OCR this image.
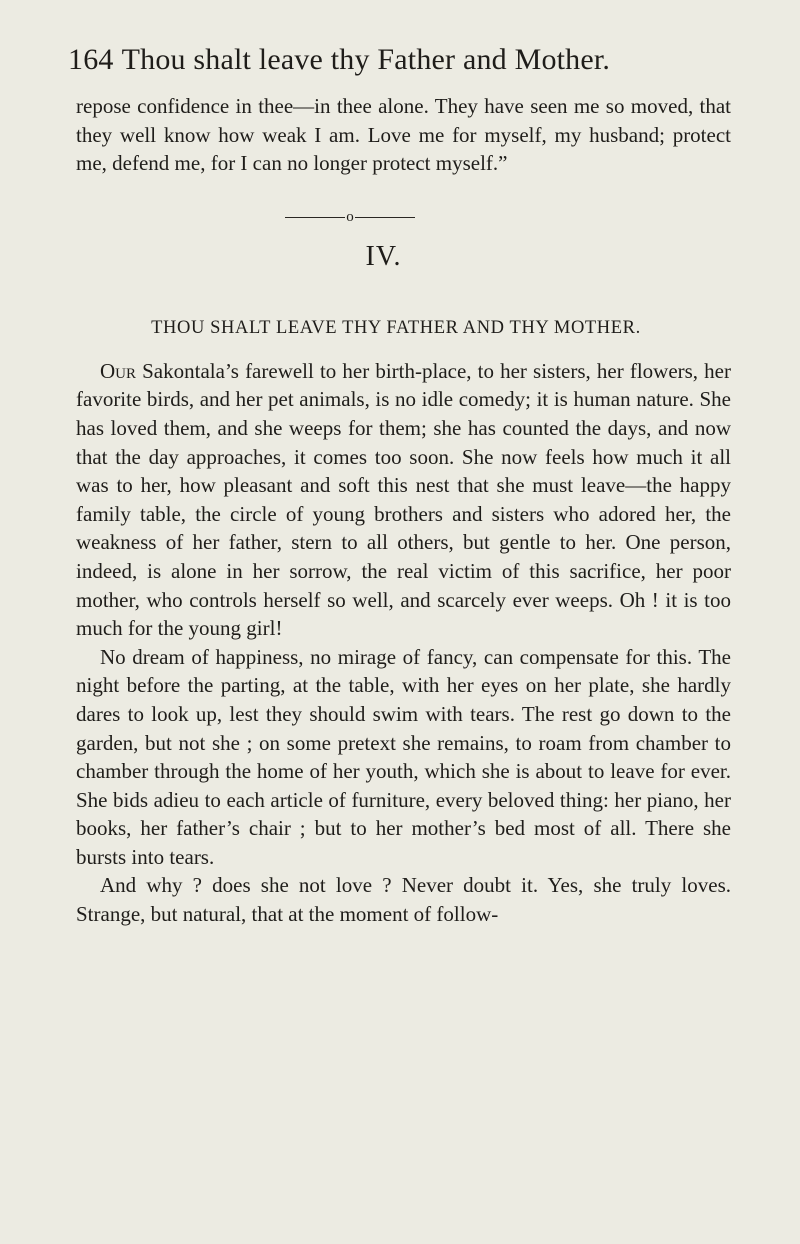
164 Thou shalt leave thy Father and Mother.

repose confidence in thee—in thee alone. They have seen me so moved, that they well know how weak I am. Love me for myself, my husband; protect me, defend me, for I can no longer protect myself.”

o
IV.
THOU SHALT LEAVE THY FATHER AND THY MOTHER.

Our Sakontala’s farewell to her birth-place, to her sisters, her flowers, her favorite birds, and her pet animals, is no idle comedy; it is human nature. She has loved them, and she weeps for them; she has counted the days, and now that the day approaches, it comes too soon. She now feels how much it all was to her, how pleasant and soft this nest that she must leave—the happy family table, the circle of young brothers and sisters who adored her, the weakness of her father, stern to all others, but gentle to her. One person, indeed, is alone in her sorrow, the real victim of this sacrifice, her poor mother, who controls herself so well, and scarcely ever weeps. Oh ! it is too much for the young girl!

No dream of happiness, no mirage of fancy, can compensate for this. The night before the parting, at the table, with her eyes on her plate, she hardly dares to look up, lest they should swim with tears. The rest go down to the garden, but not she ; on some pretext she remains, to roam from chamber to chamber through the home of her youth, which she is about to leave for ever. She bids adieu to each article of furniture, every beloved thing: her piano, her books, her father’s chair ; but to her mother’s bed most of all. There she bursts into tears.

And why ? does she not love ? Never doubt it. Yes, she truly loves. Strange, but natural, that at the moment of follow-
